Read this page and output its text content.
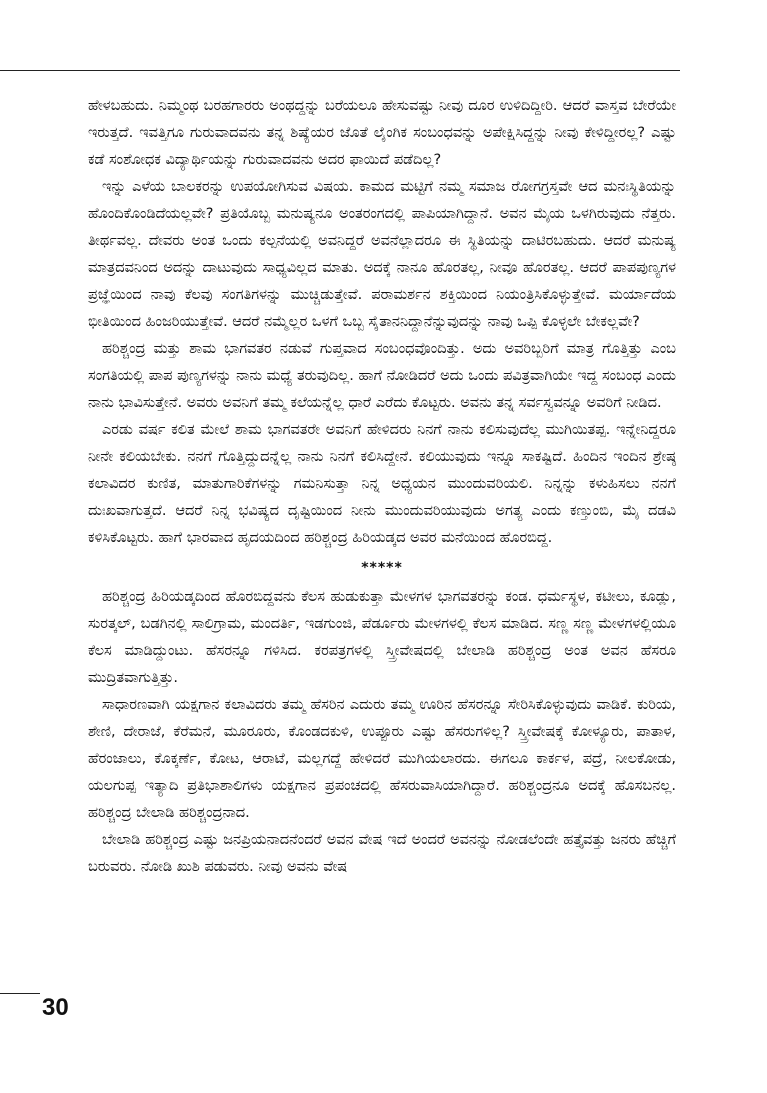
ಹೇಳಬಹುದು. ನಿಮ್ಮಂಥ ಬರಹಗಾರರು ಅಂಥದ್ದನ್ನು ಬರೆಯಲೂ ಹೇಸುವಷ್ಟು ನೀವು ದೂರ ಉಳಿದಿದ್ದೀರಿ. ಆದರೆ ವಾಸ್ತವ ಬೇರೆಯೇ ಇರುತ್ತದೆ. ಇವತ್ತಿಗೂ ಗುರುವಾದವನು ತನ್ನ ಶಿಷ್ಯೆಯರ ಜೊತೆ ಲೈಂಗಿಕ ಸಂಬಂಧವನ್ನು ಅಪೇಕ್ಷಿಸಿದ್ದನ್ನು ನೀವು ಕೇಳಿದ್ದೀರಲ್ಲ? ಎಷ್ಟು ಕಡೆ ಸಂಶೋಧಕ ವಿದ್ಯಾರ್ಥಿಯನ್ನು ಗುರುವಾದವನು ಅದರ ಫಾಯಿದೆ ಪಡೆದಿಲ್ಲ?

ಇನ್ನು ಎಳೆಯ ಬಾಲಕರನ್ನು ಉಪಯೋಗಿಸುವ ವಿಷಯ. ಕಾಮದ ಮಟ್ಟಿಗೆ ನಮ್ಮ ಸಮಾಜ ರೋಗಗ್ರಸ್ತವೇ ಆದ ಮನಃಸ್ಥಿತಿಯನ್ನು ಹೊಂದಿಕೊಂಡಿದೆಯಲ್ಲವೇ? ಪ್ರತಿಯೊಬ್ಬ ಮನುಷ್ಯನೂ ಅಂತರಂಗದಲ್ಲಿ ಪಾಪಿಯಾಗಿದ್ದಾನೆ. ಅವನ ಮೈಯ ಒಳಗಿರುವುದು ನೆತ್ತರು. ತೀರ್ಥವಲ್ಲ. ದೇವರು ಅಂತ ಒಂದು ಕಲ್ಪನೆಯಲ್ಲಿ ಅವನಿದ್ದರೆ ಅವನೆಲ್ಲಾದರೂ ಈ ಸ್ಥಿತಿಯನ್ನು ದಾಟಿರಬಹುದು. ಆದರೆ ಮನುಷ್ಯ ಮಾತ್ರದವನಿಂದ ಅದನ್ನು ದಾಟುವುದು ಸಾಧ್ಯವಿಲ್ಲದ ಮಾತು. ಅದಕ್ಕೆ ನಾನೂ ಹೊರತಲ್ಲ, ನೀವೂ ಹೊರತಲ್ಲ. ಆದರೆ ಪಾಪಪುಣ್ಯಗಳ ಪ್ರಜ್ಞೆಯಿಂದ ನಾವು ಕೆಲವು ಸಂಗತಿಗಳನ್ನು ಮುಚ್ಚಿಡುತ್ತೇವೆ. ಪರಾಮರ್ಶನ ಶಕ್ತಿಯಿಂದ ನಿಯಂತ್ರಿಸಿಕೊಳ್ಳುತ್ತೇವೆ. ಮರ್ಯಾದೆಯ ಭೀತಿಯಿಂದ ಹಿಂಜರಿಯುತ್ತೇವೆ. ಆದರೆ ನಮ್ಮೆಲ್ಲರ ಒಳಗೆ ಒಬ್ಬ ಸೈತಾನನಿದ್ದಾನೆನ್ನುವುದನ್ನು ನಾವು ಒಪ್ಪಿ ಕೊಳ್ಳಲೇ ಬೇಕಲ್ಲವೇ?

ಹರಿಶ್ಚಂದ್ರ ಮತ್ತು ಶಾಮ ಭಾಗವತರ ನಡುವೆ ಗುಪ್ತವಾದ ಸಂಬಂಧವೊಂದಿತ್ತು. ಅದು ಅವರಿಬ್ಬರಿಗೆ ಮಾತ್ರ ಗೊತ್ತಿತ್ತು ಎಂಬ ಸಂಗತಿಯಲ್ಲಿ ಪಾಪ ಪುಣ್ಯಗಳನ್ನು ನಾನು ಮಧ್ಯೆ ತರುವುದಿಲ್ಲ. ಹಾಗೆ ನೋಡಿದರೆ ಅದು ಒಂದು ಪವಿತ್ರವಾಗಿಯೇ ಇದ್ದ ಸಂಬಂಧ ಎಂದು ನಾನು ಭಾವಿಸುತ್ತೇನೆ. ಅವರು ಅವನಿಗೆ ತಮ್ಮ ಕಲೆಯನ್ನೆಲ್ಲ ಧಾರೆ ಎರೆದು ಕೊಟ್ಟರು. ಅವನು ತನ್ನ ಸರ್ವಸ್ವವನ್ನೂ ಅವರಿಗೆ ನೀಡಿದ.

ಎರಡು ವರ್ಷ ಕಲಿತ ಮೇಲೆ ಶಾಮ ಭಾಗವತರೇ ಅವನಿಗೆ ಹೇಳಿದರು ನಿನಗೆ ನಾನು ಕಲಿಸುವುದೆಲ್ಲ ಮುಗಿಯಿತಪ್ಪ. ಇನ್ನೇನಿದ್ದರೂ ನೀನೇ ಕಲಿಯಬೇಕು. ನನಗೆ ಗೊತ್ತಿದ್ದುದನ್ನೆಲ್ಲ ನಾನು ನಿನಗೆ ಕಲಿಸಿದ್ದೇನೆ. ಕಲಿಯುವುದು ಇನ್ನೂ ಸಾಕಷ್ಟಿದೆ. ಹಿಂದಿನ ಇಂದಿನ ಶ್ರೇಷ್ಠ ಕಲಾವಿದರ ಕುಣಿತ, ಮಾತುಗಾರಿಕೆಗಳನ್ನು ಗಮನಿಸುತ್ತಾ ನಿನ್ನ ಅಧ್ಯಯನ ಮುಂದುವರಿಯಲಿ. ನಿನ್ನನ್ನು ಕಳುಹಿಸಲು ನನಗೆ ದುಃಖವಾಗುತ್ತದೆ. ಆದರೆ ನಿನ್ನ ಭವಿಷ್ಯದ ದೃಷ್ಟಿಯಿಂದ ನೀನು ಮುಂದುವರಿಯುವುದು ಅಗತ್ಯ ಎಂದು ಕಣ್ತುಂಬಿ, ಮೈ ದಡವಿ ಕಳಿಸಿಕೊಟ್ಟರು. ಹಾಗೆ ಭಾರವಾದ ಹೃದಯದಿಂದ ಹರಿಶ್ಚಂದ್ರ ಹಿರಿಯಡ್ಕದ ಅವರ ಮನೆಯಿಂದ ಹೊರಬಿದ್ದ.

*****

ಹರಿಶ್ಚಂದ್ರ ಹಿರಿಯಡ್ಕದಿಂದ ಹೊರಬಿದ್ದವನು ಕೆಲಸ ಹುಡುಕುತ್ತಾ ಮೇಳಗಳ ಭಾಗವತರನ್ನು ಕಂಡ. ಧರ್ಮಸ್ಥಳ, ಕಟೀಲು, ಕೂಡ್ಲು, ಸುರತ್ಕಲ್, ಬಡಗಿನಲ್ಲಿ ಸಾಲಿಗ್ರಾಮ, ಮಂದರ್ತಿ, ಇಡಗುಂಜಿ, ಪೆರ್ಡೂರು ಮೇಳಗಳಲ್ಲಿ ಕೆಲಸ ಮಾಡಿದ. ಸಣ್ಣ ಸಣ್ಣ ಮೇಳಗಳಲ್ಲಿಯೂ ಕೆಲಸ ಮಾಡಿದ್ದುಂಟು. ಹೆಸರನ್ನೂ ಗಳಿಸಿದ. ಕರಪತ್ರಗಳಲ್ಲಿ ಸ್ತ್ರೀವೇಷದಲ್ಲಿ ಬೇಲಾಡಿ ಹರಿಶ್ಚಂದ್ರ ಅಂತ ಅವನ ಹೆಸರೂ ಮುದ್ರಿತವಾಗುತ್ತಿತ್ತು.

ಸಾಧಾರಣವಾಗಿ ಯಕ್ಷಗಾನ ಕಲಾವಿದರು ತಮ್ಮ ಹೆಸರಿನ ಎದುರು ತಮ್ಮ ಊರಿನ ಹೆಸರನ್ನೂ ಸೇರಿಸಿಕೊಳ್ಳುವುದು ವಾಡಿಕೆ. ಕುರಿಯ, ಶೇಣಿ, ದೇರಾಜೆ, ಕೆರೆಮನೆ, ಮೂರೂರು, ಕೊಂಡದಕುಳಿ, ಉಪ್ಪೂರು ಎಷ್ಟು ಹೆಸರುಗಳಿಲ್ಲ? ಸ್ತ್ರೀವೇಷಕ್ಕೆ ಕೋಳ್ಯೂರು, ಪಾತಾಳ, ಹೆರಂಜಾಲು, ಕೊಕ್ಕರ್ಣೆ, ಕೋಟ, ಆರಾಟೆ, ಮಲ್ಲಗದ್ದೆ ಹೇಳಿದರೆ ಮುಗಿಯಲಾರದು. ಈಗಲೂ ಕಾರ್ಕಳ, ಪದ್ರೆ, ನೀಲಕೋಡು, ಯಲಗುಪ್ಪ ಇತ್ಯಾದಿ ಪ್ರತಿಭಾಶಾಲಿಗಳು ಯಕ್ಷಗಾನ ಪ್ರಪಂಚದಲ್ಲಿ ಹೆಸರುವಾಸಿಯಾಗಿದ್ದಾರೆ. ಹರಿಶ್ಚಂದ್ರನೂ ಅದಕ್ಕೆ ಹೊಸಬನಲ್ಲ. ಹರಿಶ್ಚಂದ್ರ ಬೇಲಾಡಿ ಹರಿಶ್ಚಂದ್ರನಾದ.

ಬೇಲಾಡಿ ಹರಿಶ್ಚಂದ್ರ ಎಷ್ಟು ಜನಪ್ರಿಯನಾದನೆಂದರೆ ಅವನ ವೇಷ ಇದೆ ಅಂದರೆ ಅವನನ್ನು ನೋಡಲೆಂದೇ ಹತ್ತೈವತ್ತು ಜನರು ಹೆಚ್ಚಿಗೆ ಬರುವರು. ನೋಡಿ ಖುಶಿ ಪಡುವರು. ನೀವು ಅವನು ವೇಷ

30
